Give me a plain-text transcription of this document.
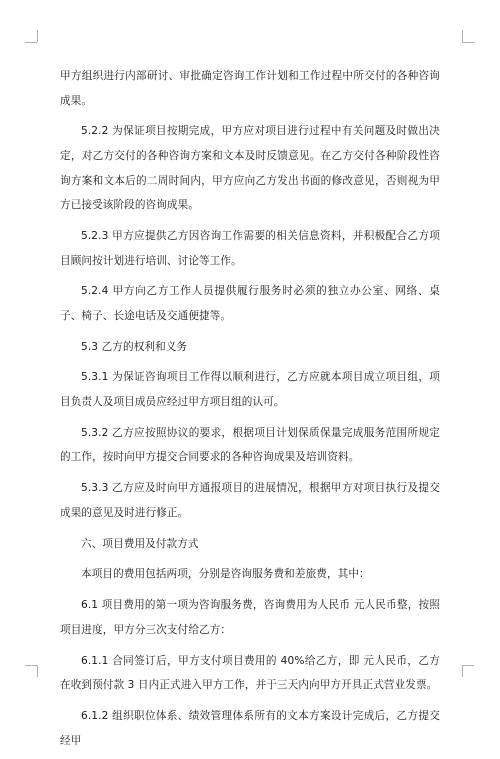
甲方组织进行内部研讨、审批确定咨询工作计划和工作过程中所交付的各种咨询成果。

5.2.2 为保证项目按期完成，甲方应对项目进行过程中有关问题及时做出决定，对乙方交付的各种咨询方案和文本及时反馈意见。在乙方交付各种阶段性咨询方案和文本后的二周时间内，甲方应向乙方发出书面的修改意见，否则视为甲方已接受该阶段的咨询成果。

5.2.3 甲方应提供乙方因咨询工作需要的相关信息资料，并积极配合乙方项目顾问按计划进行培训、讨论等工作。

5.2.4 甲方向乙方工作人员提供履行服务时必须的独立办公室、网络、桌子、椅子、长途电话及交通便捷等。

5.3 乙方的权利和义务

5.3.1 为保证咨询项目工作得以顺利进行，乙方应就本项目成立项目组，项目负责人及项目成员应经过甲方项目组的认可。

5.3.2 乙方应按照协议的要求，根据项目计划保质保量完成服务范围所规定的工作，按时向甲方提交合同要求的各种咨询成果及培训资料。

5.3.3 乙方应及时向甲方通报项目的进展情况，根据甲方对项目执行及提交成果的意见及时进行修正。

六、项目费用及付款方式

本项目的费用包括两项，分别是咨询服务费和差旅费，其中：

6.1 项目费用的第一项为咨询服务费，咨询费用为人民币 元人民币整，按照项目进度，甲方分三次支付给乙方：

6.1.1 合同签订后，甲方支付项目费用的 40%给乙方，即 元人民币，乙方在收到预付款 3 日内正式进入甲方工作，并于三天内向甲方开具正式营业发票。

6.1.2 组织职位体系、绩效管理体系所有的文本方案设计完成后，乙方提交经甲
